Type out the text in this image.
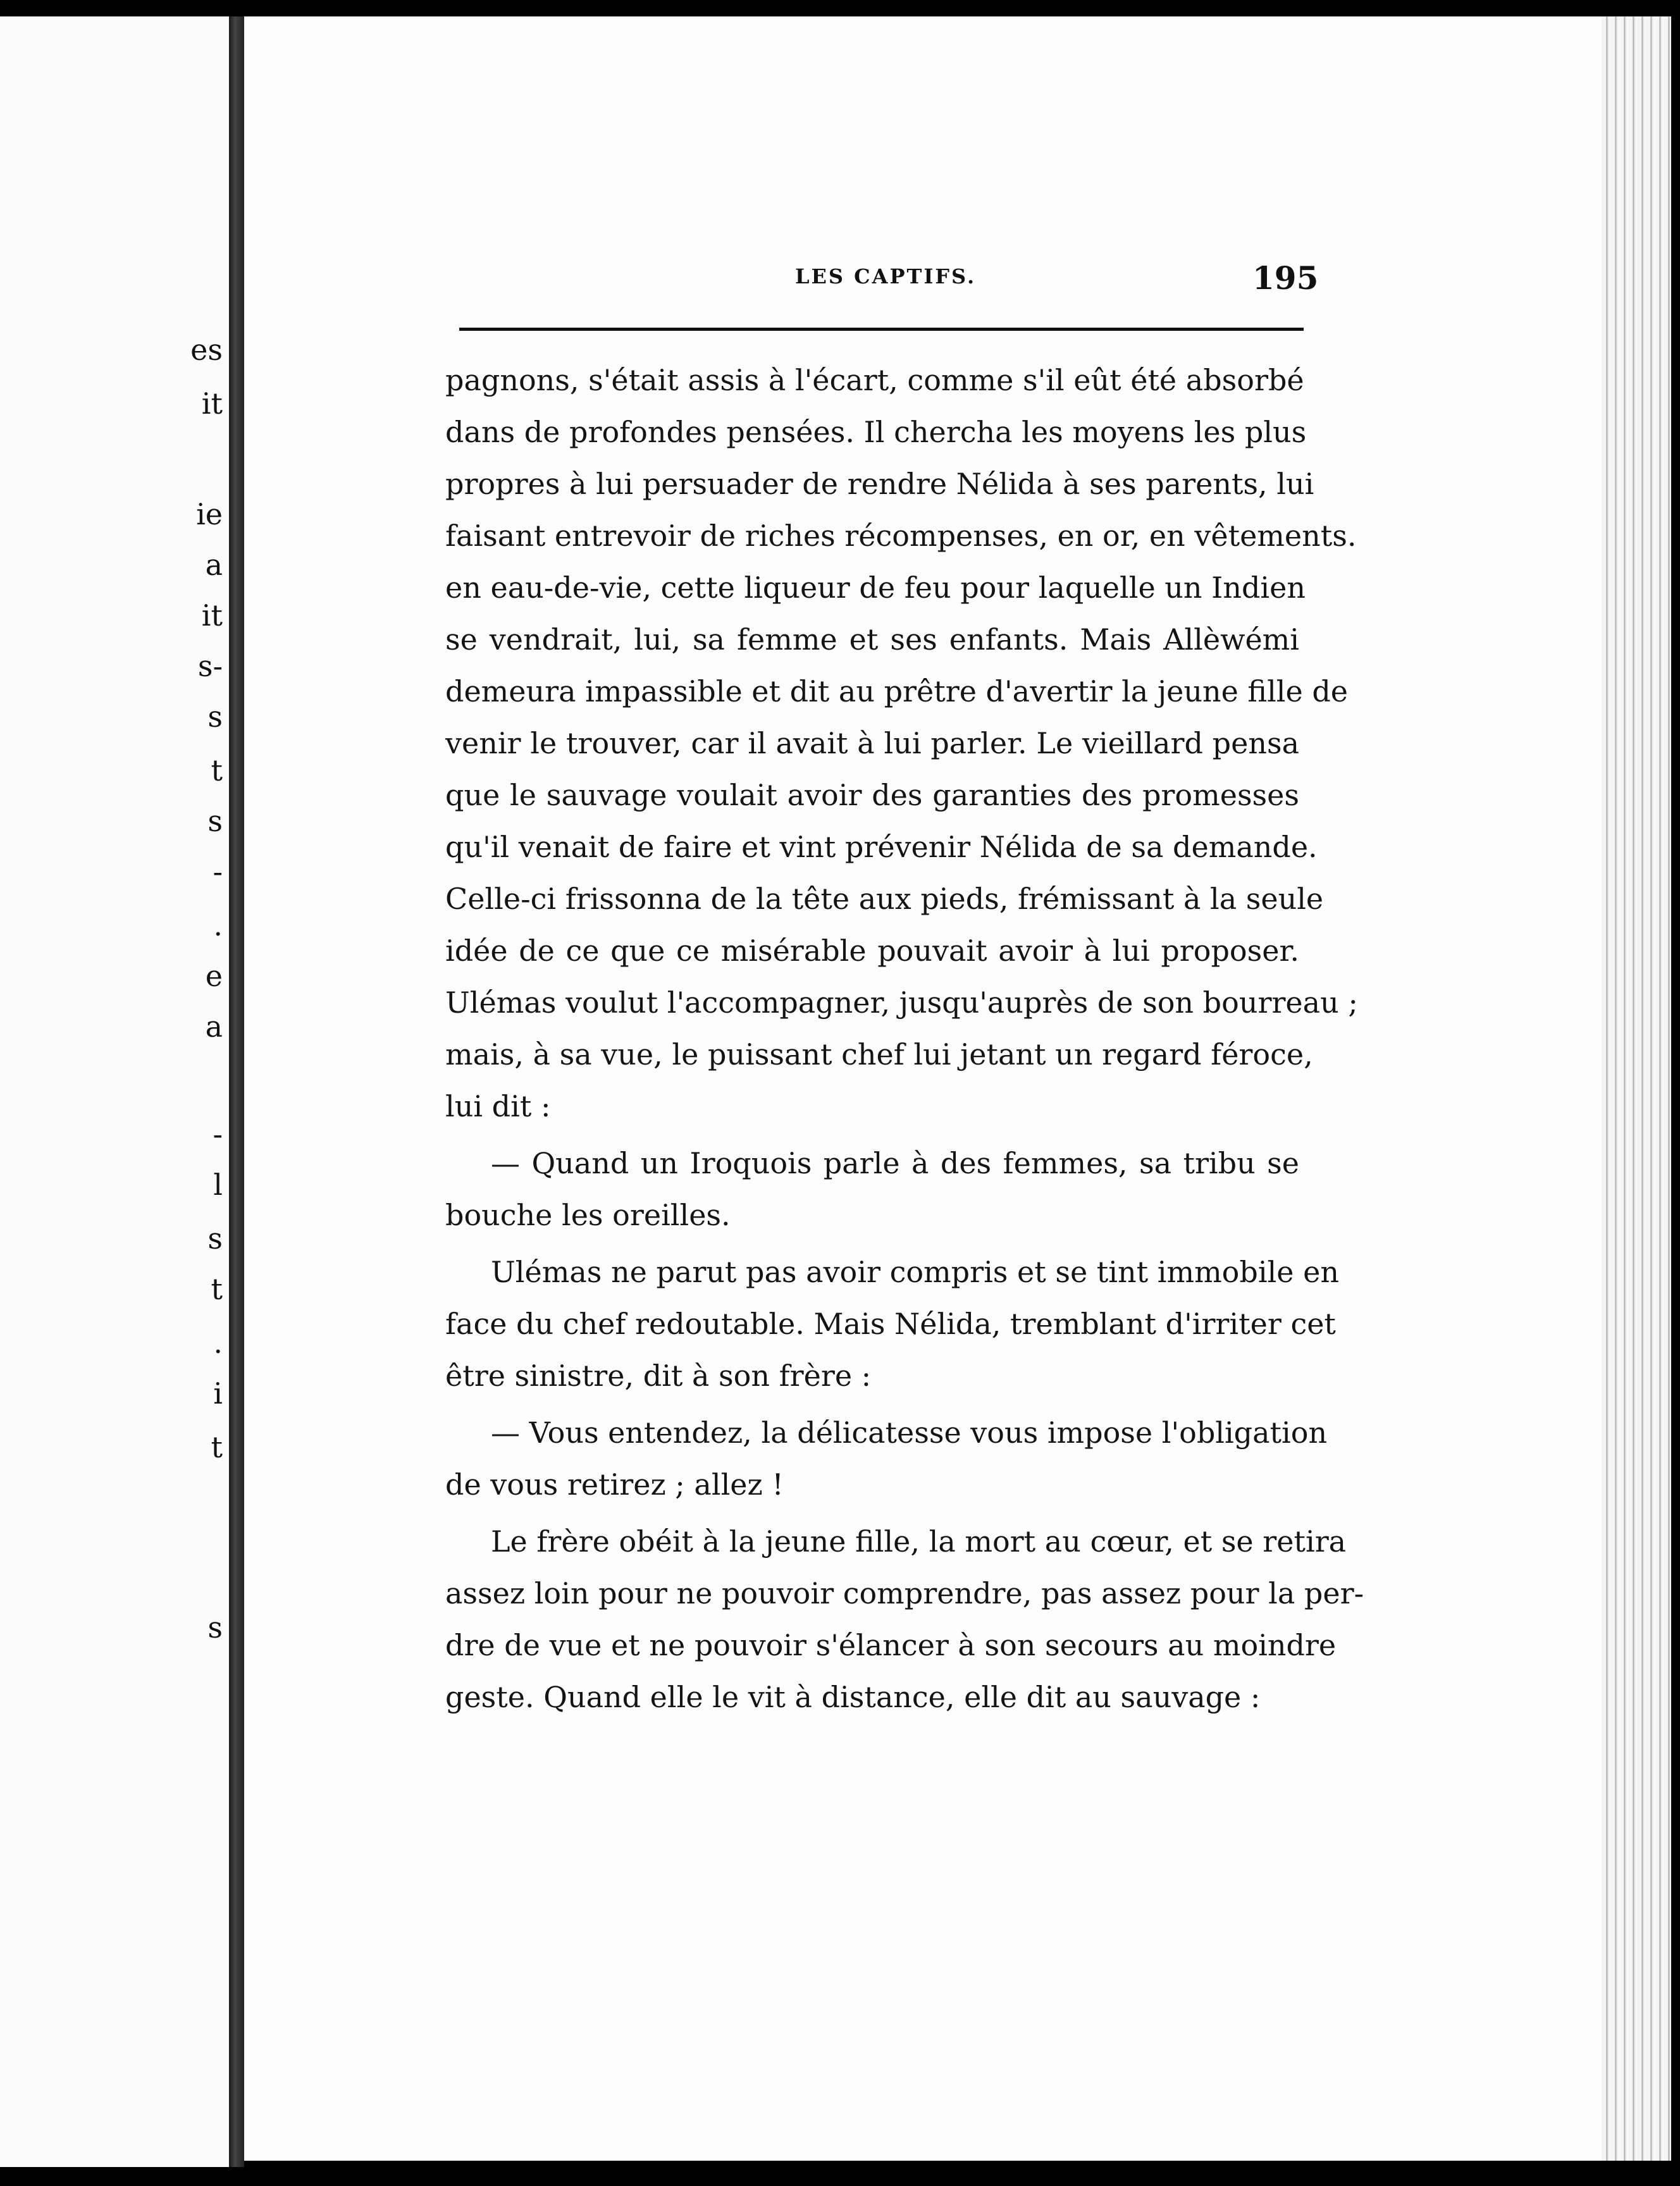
es
it
ie
a
it
s-
s
t
s
-
.
e
a
-
l
s
t
.
i
t
s
LES CAPTIFS.	195
pagnons, s'était assis à l'écart, comme s'il eût été absorbé
dans de profondes pensées. Il chercha les moyens les plus
propres à lui persuader de rendre Nélida à ses parents, lui
faisant entrevoir de riches récompenses, en or, en vêtements.
en eau-de-vie, cette liqueur de feu pour laquelle un Indien
se vendrait, lui, sa femme et ses enfants. Mais Allèwémi
demeura impassible et dit au prêtre d'avertir la jeune fille de
venir le trouver, car il avait à lui parler. Le vieillard pensa
que le sauvage voulait avoir des garanties des promesses
qu'il venait de faire et vint prévenir Nélida de sa demande.
Celle-ci frissonna de la tête aux pieds, frémissant à la seule
idée de ce que ce misérable pouvait avoir à lui proposer.
Ulémas voulut l'accompagner, jusqu'auprès de son bourreau ;
mais, à sa vue, le puissant chef lui jetant un regard féroce,
lui dit :
— Quand un Iroquois parle à des femmes, sa tribu se
bouche les oreilles.
Ulémas ne parut pas avoir compris et se tint immobile en
face du chef redoutable. Mais Nélida, tremblant d'irriter cet
être sinistre, dit à son frère :
— Vous entendez, la délicatesse vous impose l'obligation
de vous retirez ; allez !
Le frère obéit à la jeune fille, la mort au cœur, et se retira
assez loin pour ne pouvoir comprendre, pas assez pour la per-
dre de vue et ne pouvoir s'élancer à son secours au moindre
geste. Quand elle le vit à distance, elle dit au sauvage :
